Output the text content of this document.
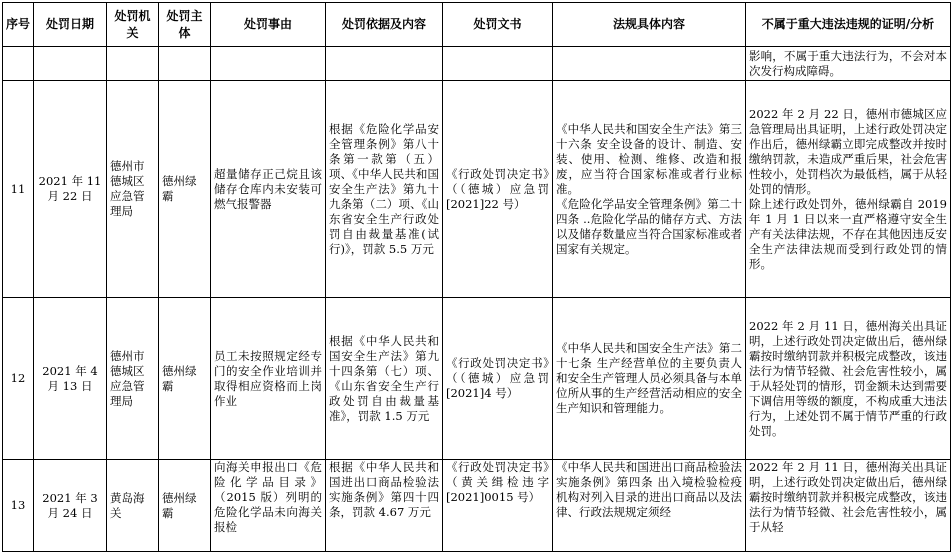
序号	处罚日期	处罚机关	处罚主体	处罚事由	处罚依据及内容	处罚文书	法规具体内容	不属于重大违法违规的证明/分析
								影响，不属于重大违法行为，不会对本次发行构成障碍。
11	2021 年 11 月 22 日	德州市德城区应急管理局	德州绿霸	超量储存正己烷且该储存仓库内未安装可燃气报警器	根据《危险化学品安全管理条例》第八十条第一款第（五）项、《中华人民共和国安全生产法》第九十九条第（二）项、《山东省安全生产行政处罚自由裁量基准(试行)》，罚款 5.5 万元	《行政处罚决定书》（（德城）应急罚[2021]22 号）	《中华人民共和国安全生产法》第三十六条 安全设备的设计、制造、安装、使用、检测、维修、改造和报废，应当符合国家标准或者行业标准。
《危险化学品安全管理条例》第二十四条 ..危险化学品的储存方式、方法以及储存数量应当符合国家标准或者国家有关规定。	2022 年 2 月 22 日，德州市德城区应急管理局出具证明，上述行政处罚决定作出后，德州绿霸立即完成整改并按时缴纳罚款，未造成严重后果，社会危害性较小，处罚档次为最低档，属于从轻处罚的情形。
除上述行政处罚外，德州绿霸自 2019 年 1 月 1 日以来一直严格遵守安全生产有关法律法规，不存在其他因违反安全生产法律法规而受到行政处罚的情形。

12	2021 年 4 月 13 日	德州市德城区应急管理局	德州绿霸	员工未按照规定经专门的安全作业培训并取得相应资格而上岗作业	根据《中华人民共和国安全生产法》第九十四条第（七）项、《山东省安全生产行政处罚自由裁量基准》，罚款 1.5 万元	《行政处罚决定书》（（德城）应急罚[2021]4 号）	《中华人民共和国安全生产法》第二十七条 生产经营单位的主要负责人和安全生产管理人员必须具备与本单位所从事的生产经营活动相应的安全生产知识和管理能力。	2022 年 2 月 11 日，德州海关出具证明，上述行政处罚决定做出后，德州绿霸按时缴纳罚款并积极完成整改，该违法行为情节轻微、社会危害性较小，属于从轻处罚的情形，罚金额未达到需要下调信用等级的额度，不构成重大违法行为，上述处罚不属于情节严重的行政处罚。
13	2021 年 3 月 24 日	黄岛海关	德州绿霸	向海关申报出口《危险化学品目录》（2015 版）列明的危险化学品未向海关报检	根据《中华人民共和国进出口商品检验法实施条例》第四十四条，罚款 4.67 万元	《行政处罚决定书》（黄关缉检违字[2021]0015 号）	《中华人民共和国进出口商品检验法实施条例》第四条 出入境检验检疫机构对列入目录的进出口商品以及法律、行政法规规定须经	2022 年 2 月 11 日，德州海关出具证明，上述行政处罚决定做出后，德州绿霸按时缴纳罚款并积极完成整改，该违法行为情节轻微、社会危害性较小，属于从轻
